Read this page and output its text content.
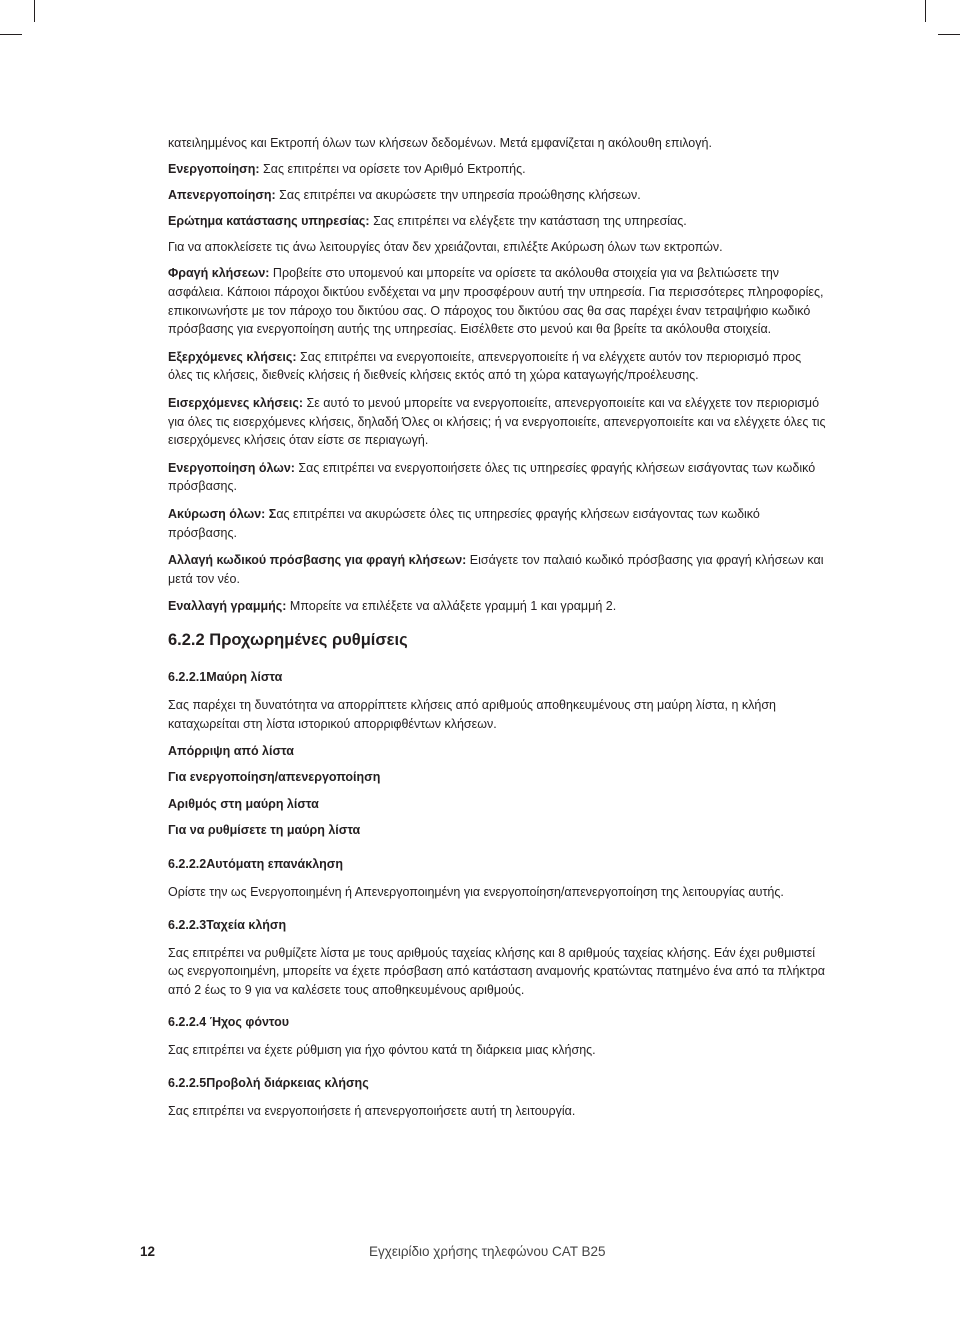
κατειλημμένος και Εκτροπή όλων των κλήσεων δεδομένων. Μετά εμφανίζεται η ακόλουθη επιλογή.

Ενεργοποίηση: Σας επιτρέπει να ορίσετε τον Αριθμό Εκτροπής.

Απενεργοποίηση: Σας επιτρέπει να ακυρώσετε την υπηρεσία προώθησης κλήσεων.

Ερώτημα κατάστασης υπηρεσίας: Σας επιτρέπει να ελέγξετε την κατάσταση της υπηρεσίας.

Για να αποκλείσετε τις άνω λειτουργίες όταν δεν χρειάζονται, επιλέξτε Ακύρωση όλων των εκτροπών.

Φραγή κλήσεων: Προβείτε στο υπομενού και μπορείτε να ορίσετε τα ακόλουθα στοιχεία για να βελτιώσετε την ασφάλεια. Κάποιοι πάροχοι δικτύου ενδέχεται να μην προσφέρουν αυτή την υπηρεσία. Για περισσότερες πληροφορίες, επικοινωνήστε με τον πάροχο του δικτύου σας. Ο πάροχος του δικτύου σας θα σας παρέχει έναν τετραψήφιο κωδικό πρόσβασης για ενεργοποίηση αυτής της υπηρεσίας. Εισέλθετε στο μενού και θα βρείτε τα ακόλουθα στοιχεία.

Εξερχόμενες κλήσεις: Σας επιτρέπει να ενεργοποιείτε, απενεργοποιείτε ή να ελέγχετε αυτόν τον περιορισμό προς όλες τις κλήσεις, διεθνείς κλήσεις ή διεθνείς κλήσεις εκτός από τη χώρα καταγωγής/προέλευσης.

Εισερχόμενες κλήσεις: Σε αυτό το μενού μπορείτε να ενεργοποιείτε, απενεργοποιείτε και να ελέγχετε τον περιορισμό για όλες τις εισερχόμενες κλήσεις, δηλαδή Όλες οι κλήσεις; ή να ενεργοποιείτε, απενεργοποιείτε και να ελέγχετε όλες τις εισερχόμενες κλήσεις όταν είστε σε περιαγωγή.

Ενεργοποίηση όλων: Σας επιτρέπει να ενεργοποιήσετε όλες τις υπηρεσίες φραγής κλήσεων εισάγοντας των κωδικό πρόσβασης.

Ακύρωση όλων: Σας επιτρέπει να ακυρώσετε όλες τις υπηρεσίες φραγής κλήσεων εισάγοντας των κωδικό πρόσβασης.

Αλλαγή κωδικού πρόσβασης για φραγή κλήσεων: Εισάγετε τον παλαιό κωδικό πρόσβασης για φραγή κλήσεων και μετά τον νέο.

Εναλλαγή γραμμής: Μπορείτε να επιλέξετε να αλλάξετε γραμμή 1 και γραμμή 2.

6.2.2 Προχωρημένες ρυθμίσεις
6.2.2.1Μαύρη λίστα

Σας παρέχει τη δυνατότητα να απορρίπτετε κλήσεις από αριθμούς αποθηκευμένους στη μαύρη λίστα, η κλήση καταχωρείται στη λίστα ιστορικού απορριφθέντων κλήσεων.

Απόρριψη από λίστα
Για ενεργοποίηση/απενεργοποίηση
Αριθμός στη μαύρη λίστα
Για να ρυθμίσετε τη μαύρη λίστα
6.2.2.2Αυτόματη επανάκληση

Ορίστε την ως Ενεργοποιημένη ή Απενεργοποιημένη για ενεργοποίηση/απενεργοποίηση της λειτουργίας αυτής.

6.2.2.3Ταχεία κλήση

Σας επιτρέπει να ρυθμίζετε λίστα με τους αριθμούς ταχείας κλήσης και 8 αριθμούς ταχείας κλήσης. Εάν έχει ρυθμιστεί ως ενεργοποιημένη, μπορείτε να έχετε πρόσβαση από κατάσταση αναμονής κρατώντας πατημένο ένα από τα πλήκτρα από 2 έως το 9 για να καλέσετε τους αποθηκευμένους αριθμούς.

6.2.2.4 Ήχος φόντου

Σας επιτρέπει να έχετε ρύθμιση για ήχο φόντου κατά τη διάρκεια μιας κλήσης.

6.2.2.5Προβολή διάρκειας κλήσης

Σας επιτρέπει να ενεργοποιήσετε ή απενεργοποιήσετε αυτή τη λειτουργία.

12	Εγχειρίδιο χρήσης τηλεφώνου CAT B25
